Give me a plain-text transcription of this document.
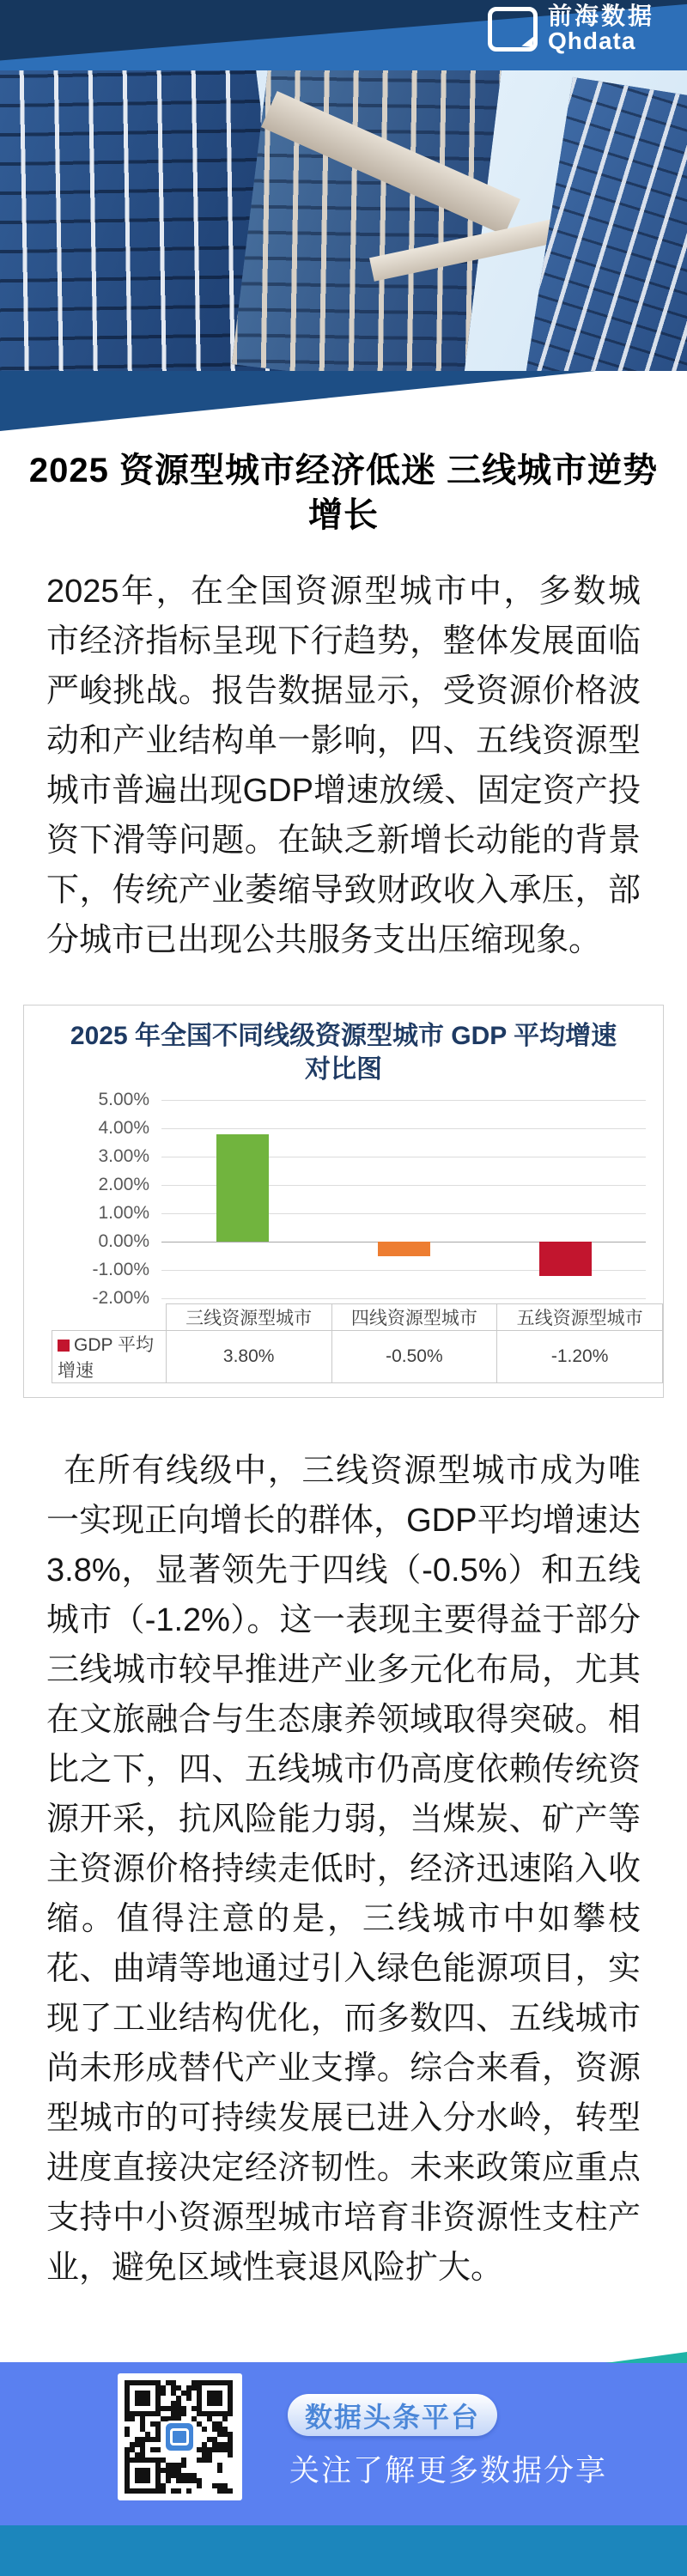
前海数据
Qhdata
2025 资源型城市经济低迷 三线城市逆势增长

2025年，在全国资源型城市中，多数城市经济指标呈现下行趋势，整体发展面临严峻挑战。报告数据显示，受资源价格波动和产业结构单一影响，四、五线资源型城市普遍出现GDP增速放缓、固定资产投资下滑等问题。在缺乏新增长动能的背景下，传统产业萎缩导致财政收入承压，部分城市已出现公共服务支出压缩现象。

2025 年全国不同线级资源型城市 GDP 平均增速
对比图
5.00%
4.00%
3.00%
2.00%
1.00%
0.00%
-1.00%
-2.00%
	三线资源型城市	四线资源型城市	五线资源型城市
GDP 平均增速	3.80%	-0.50%	-1.20%

在所有线级中，三线资源型城市成为唯一实现正向增长的群体，GDP平均增速达3.8%，显著领先于四线（-0.5%）和五线城市（-1.2%）。这一表现主要得益于部分三线城市较早推进产业多元化布局，尤其在文旅融合与生态康养领域取得突破。相比之下，四、五线城市仍高度依赖传统资源开采，抗风险能力弱，当煤炭、矿产等主资源价格持续走低时，经济迅速陷入收缩。值得注意的是，三线城市中如攀枝花、曲靖等地通过引入绿色能源项目，实现了工业结构优化，而多数四、五线城市尚未形成替代产业支撑。综合来看，资源型城市的可持续发展已进入分水岭，转型进度直接决定经济韧性。未来政策应重点支持中小资源型城市培育非资源性支柱产业，避免区域性衰退风险扩大。

数据头条平台
关注了解更多数据分享
